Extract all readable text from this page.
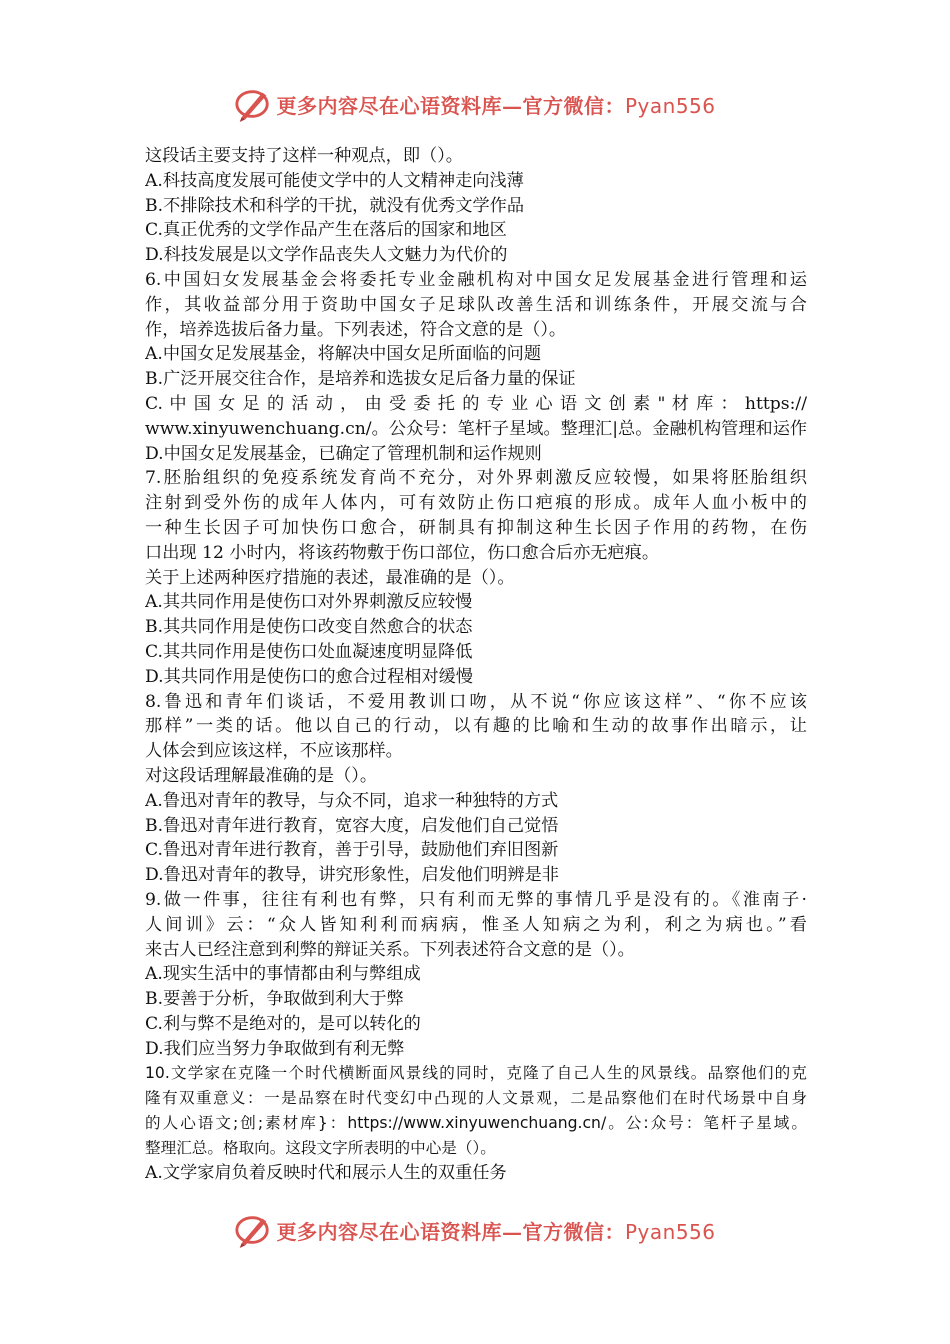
更多内容尽在心语资料库—官方微信：Pyan556
这段话主要支持了这样一种观点，即（）。
A.科技高度发展可能使文学中的人文精神走向浅薄
B.不排除技术和科学的干扰，就没有优秀文学作品
C.真正优秀的文学作品产生在落后的国家和地区
D.科技发展是以文学作品丧失人文魅力为代价的
6.中国妇女发展基金会将委托专业金融机构对中国女足发展基金进行管理和运
作，其收益部分用于资助中国女子足球队改善生活和训练条件，开展交流与合
作，培养选拔后备力量。下列表述，符合文意的是（）。
A.中国女足发展基金，将解决中国女足所面临的问题
B.广泛开展交往合作，是培养和选拔女足后备力量的保证
C. 中 国 女 足 的 活 动 ， 由 受 委 托 的 专 业 心 语 文 创 素 " 材 库 ： https://
www.xinyuwenchuang.cn/。公众号：笔杆子星域。整理汇|总。金融机构管理和运作
D.中国女足发展基金，已确定了管理机制和运作规则
7.胚胎组织的免疫系统发育尚不充分，对外界刺激反应较慢，如果将胚胎组织
注射到受外伤的成年人体内，可有效防止伤口疤痕的形成。成年人血小板中的
一种生长因子可加快伤口愈合，研制具有抑制这种生长因子作用的药物，在伤
口出现 12 小时内，将该药物敷于伤口部位，伤口愈合后亦无疤痕。
关于上述两种医疗措施的表述，最准确的是（）。
A.其共同作用是使伤口对外界刺激反应较慢
B.其共同作用是使伤口改变自然愈合的状态
C.其共同作用是使伤口处血凝速度明显降低
D.其共同作用是使伤口的愈合过程相对缓慢
8.鲁迅和青年们谈话，不爱用教训口吻，从不说“你应该这样”、“你不应该
那样”一类的话。他以自己的行动，以有趣的比喻和生动的故事作出暗示，让
人体会到应该这样，不应该那样。
对这段话理解最准确的是（）。
A.鲁迅对青年的教导，与众不同，追求一种独特的方式
B.鲁迅对青年进行教育，宽容大度，启发他们自己觉悟
C.鲁迅对青年进行教育，善于引导，鼓励他们弃旧图新
D.鲁迅对青年的教导，讲究形象性，启发他们明辨是非
9.做一件事，往往有利也有弊，只有利而无弊的事情几乎是没有的。《淮南子·
人间训》云：“众人皆知利利而病病，惟圣人知病之为利，利之为病也。”看
来古人已经注意到利弊的辩证关系。下列表述符合文意的是（）。
A.现实生活中的事情都由利与弊组成
B.要善于分析，争取做到利大于弊
C.利与弊不是绝对的，是可以转化的
D.我们应当努力争取做到有利无弊
10.文学家在克隆一个时代横断面风景线的同时，克隆了自己人生的风景线。品察他们的克
隆有双重意义：一是品察在时代变幻中凸现的人文景观，二是品察他们在时代场景中自身
的人心语文;创;素材库}：https://www.xinyuwenchuang.cn/。公:众号：笔杆子星域。
整理汇总。格取向。这段文字所表明的中心是（）。
A.文学家肩负着反映时代和展示人生的双重任务
更多内容尽在心语资料库—官方微信：Pyan556
